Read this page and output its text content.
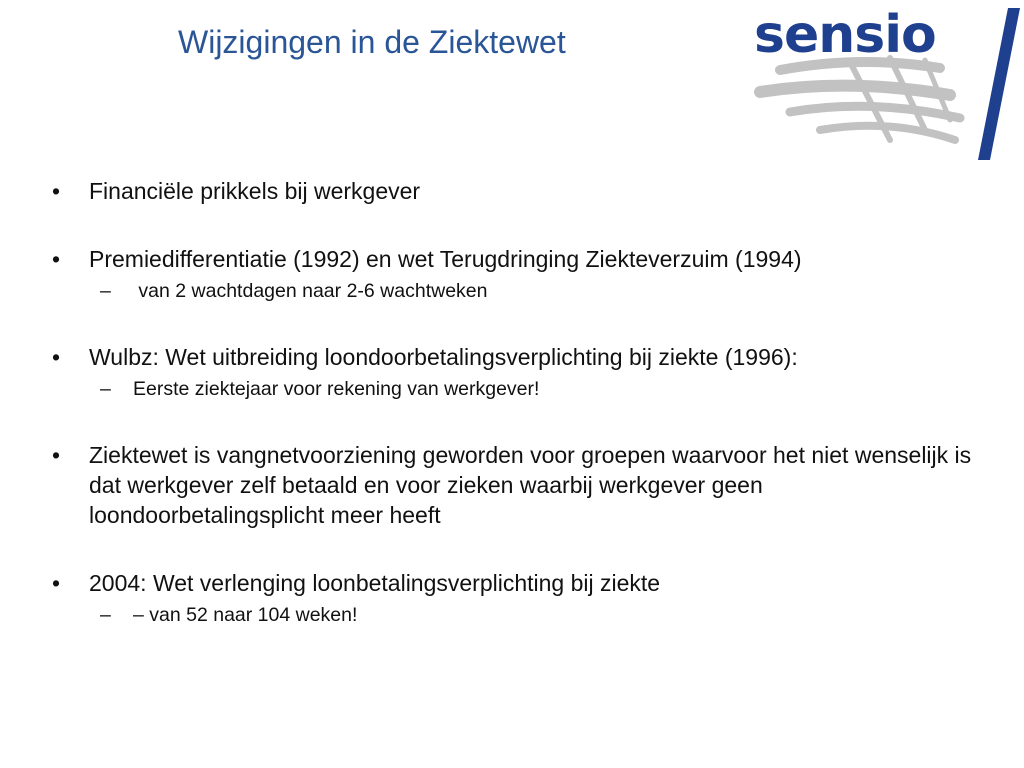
Wijzigingen in de Ziektewet	sensio
•	Financiële prikkels bij werkgever
•	Premiedifferentiatie (1992) en wet Terugdringing Ziekteverzuim (1994)
– van 2 wachtdagen naar 2-6 wachtweken
•	Wulbz: Wet uitbreiding loondoorbetalingsverplichting bij ziekte (1996):
– Eerste ziektejaar voor rekening van werkgever!
•	Ziektewet is vangnetvoorziening geworden voor groepen waarvoor het niet wenselijk is dat werkgever zelf betaald en voor zieken waarbij werkgever geen loondoorbetalingsplicht meer heeft
•	2004: Wet verlenging loonbetalingsverplichting bij ziekte
– – van 52 naar 104 weken!
